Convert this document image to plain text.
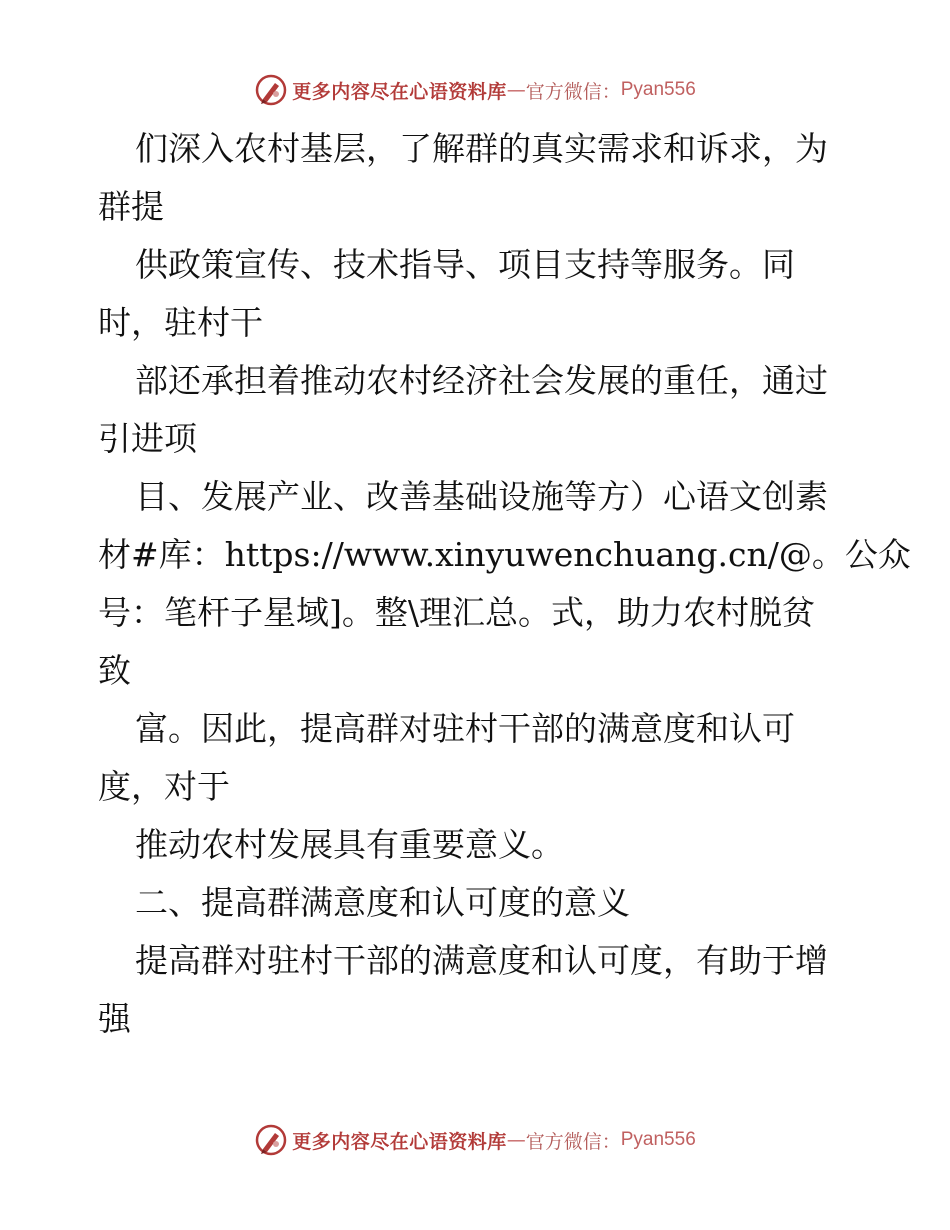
更多内容尽在心语资料库 — 官方微信： Pyan556
们深入农村基层，了解群的真实需求和诉求，为
群提
供政策宣传、技术指导、项目支持等服务。同
时，驻村干
部还承担着推动农村经济社会发展的重任，通过
引进项
目、发展产业、改善基础设施等方）心语文创素
材#库：https://www.xinyuwenchuang.cn/@。公众
号：笔杆子星域]。整\理汇总。式，助力农村脱贫
致
富。因此，提高群对驻村干部的满意度和认可
度，对于
推动农村发展具有重要意义。
二、提高群满意度和认可度的意义
提高群对驻村干部的满意度和认可度，有助于增
强
更多内容尽在心语资料库 — 官方微信： Pyan556
